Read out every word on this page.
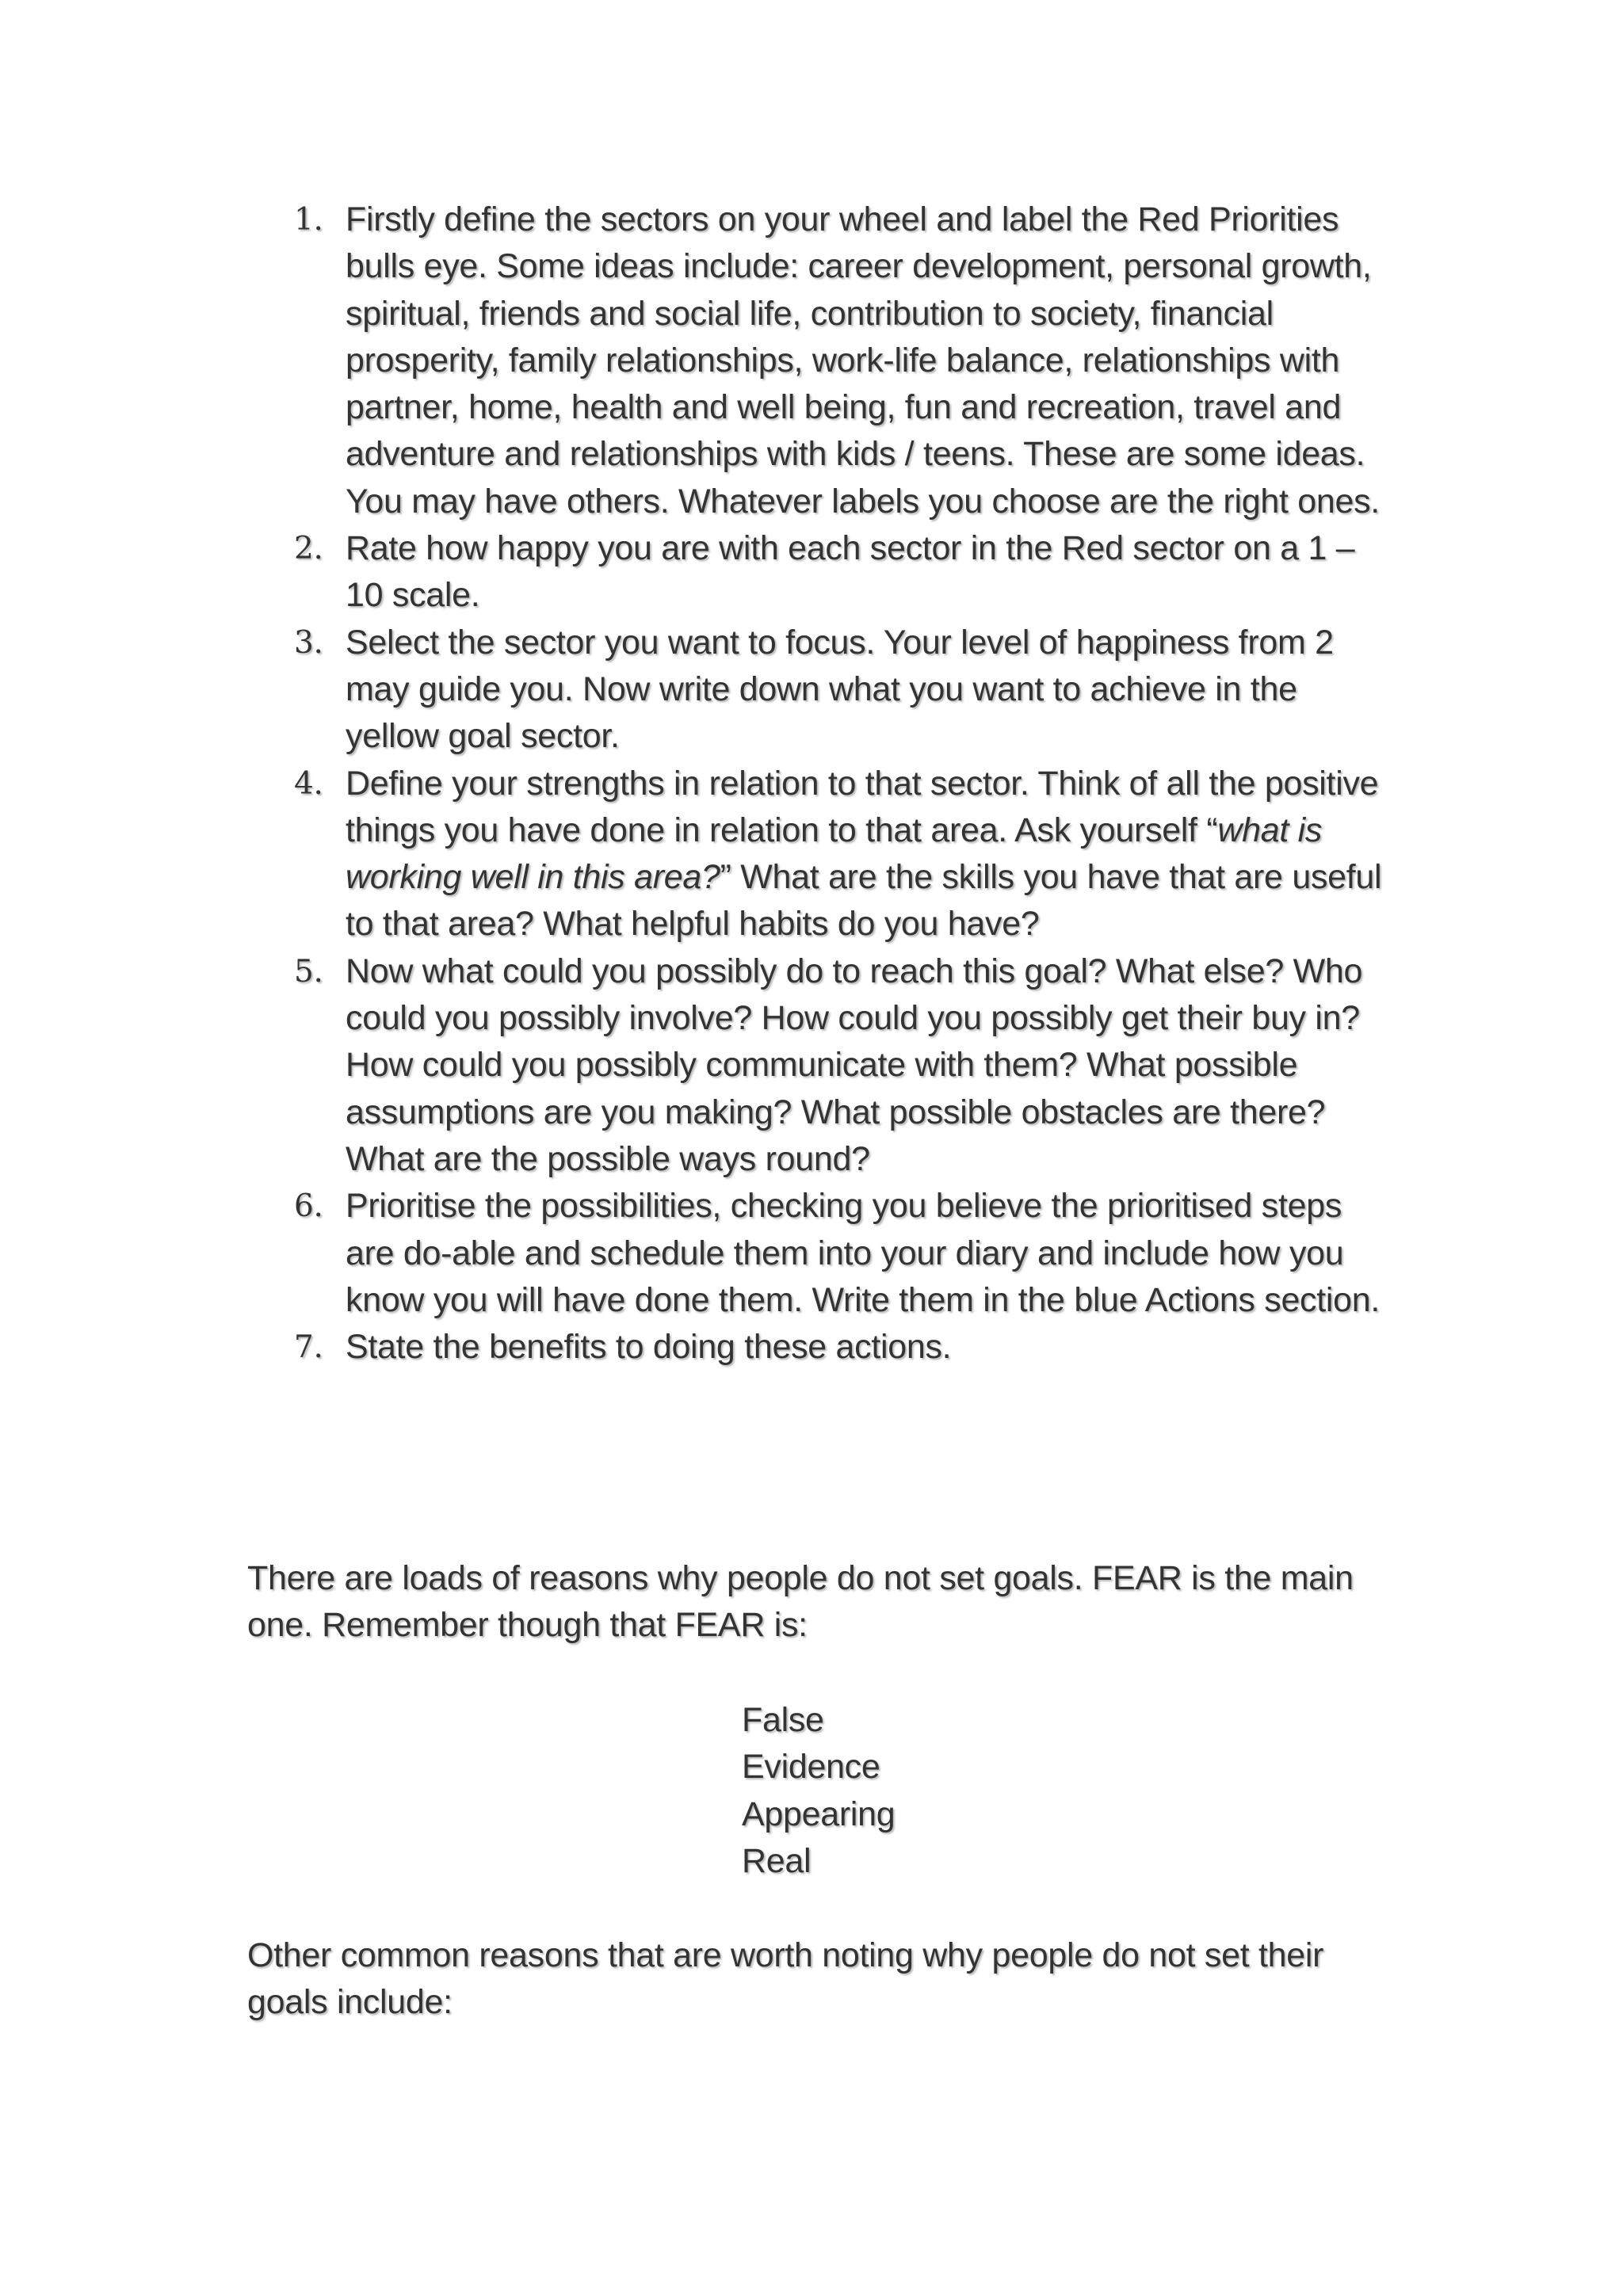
1. Firstly define the sectors on your wheel and label the Red Priorities bulls eye. Some ideas include: career development, personal growth, spiritual, friends and social life, contribution to society, financial prosperity, family relationships, work-life balance, relationships with partner, home, health and well being, fun and recreation, travel and adventure and relationships with kids / teens. These are some ideas. You may have others. Whatever labels you choose are the right ones.
2. Rate how happy you are with each sector in the Red sector on a 1 – 10 scale.
3. Select the sector you want to focus. Your level of happiness from 2 may guide you. Now write down what you want to achieve in the yellow goal sector.
4. Define your strengths in relation to that sector. Think of all the positive things you have done in relation to that area. Ask yourself “what is working well in this area?” What are the skills you have that are useful to that area? What helpful habits do you have?
5. Now what could you possibly do to reach this goal? What else? Who could you possibly involve? How could you possibly get their buy in? How could you possibly communicate with them? What possible assumptions are you making? What possible obstacles are there? What are the possible ways round?
6. Prioritise the possibilities, checking you believe the prioritised steps are do-able and schedule them into your diary and include how you know you will have done them. Write them in the blue Actions section.
7. State the benefits to doing these actions.

There are loads of reasons why people do not set goals. FEAR is the main one. Remember though that FEAR is:

False
Evidence
Appearing
Real

Other common reasons that are worth noting why people do not set their goals include:
